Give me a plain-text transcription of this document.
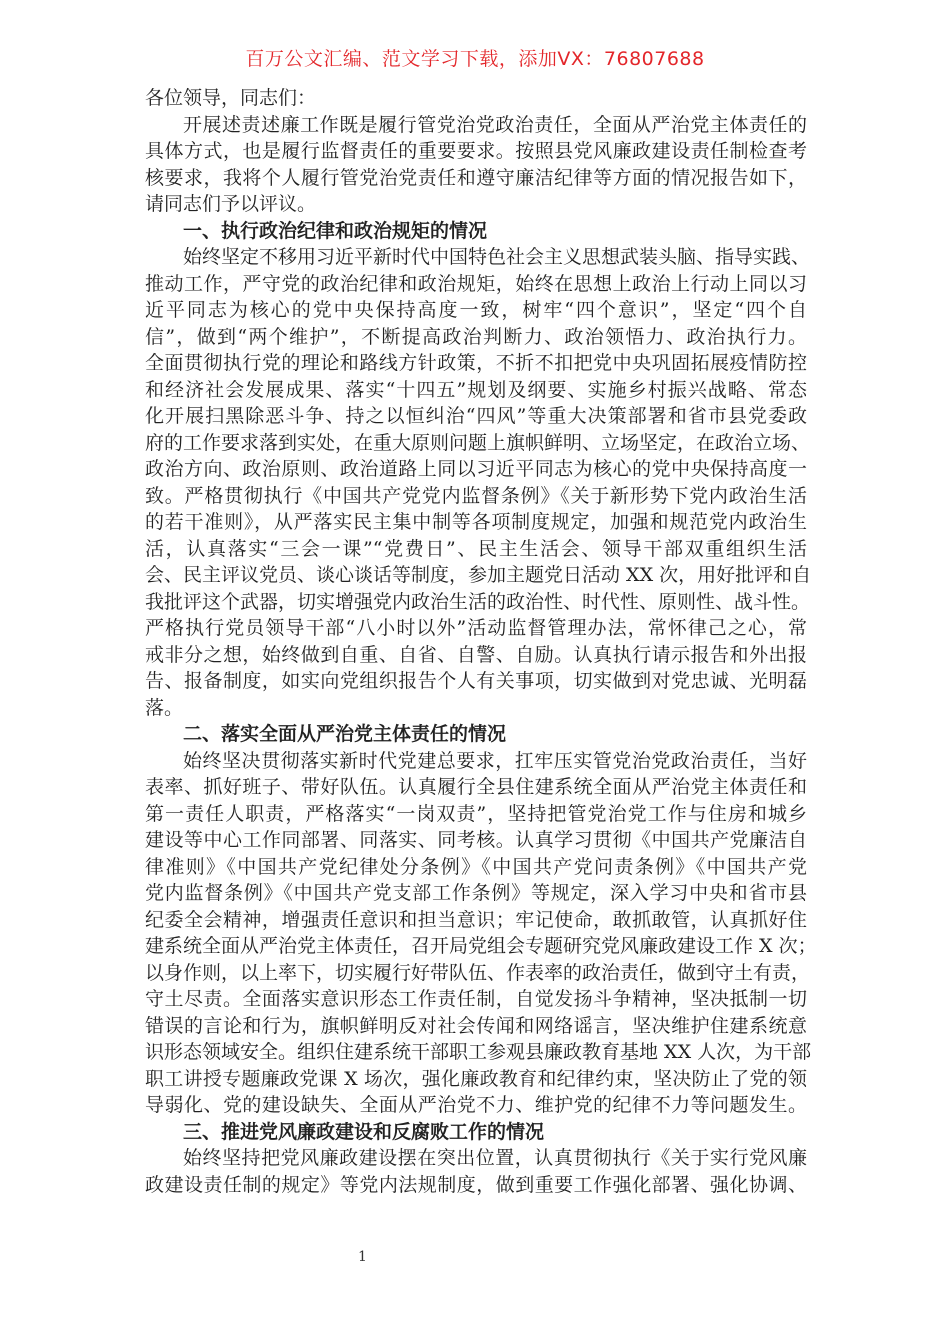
百万公文汇编、范文学习下载，添加VX：76807688
各位领导，同志们：
开展述责述廉工作既是履行管党治党政治责任，全面从严治党主体责任的
具体方式，也是履行监督责任的重要要求。按照县党风廉政建设责任制检查考
核要求，我将个人履行管党治党责任和遵守廉洁纪律等方面的情况报告如下，
请同志们予以评议。
一、执行政治纪律和政治规矩的情况
始终坚定不移用习近平新时代中国特色社会主义思想武装头脑、指导实践、
推动工作，严守党的政治纪律和政治规矩，始终在思想上政治上行动上同以习
近平同志为核心的党中央保持高度一致，树牢“四个意识”，坚定“四个自
信”，做到“两个维护”，不断提高政治判断力、政治领悟力、政治执行力。
全面贯彻执行党的理论和路线方针政策，不折不扣把党中央巩固拓展疫情防控
和经济社会发展成果、落实“十四五”规划及纲要、实施乡村振兴战略、常态
化开展扫黑除恶斗争、持之以恒纠治“四风”等重大决策部署和省市县党委政
府的工作要求落到实处，在重大原则问题上旗帜鲜明、立场坚定，在政治立场、
政治方向、政治原则、政治道路上同以习近平同志为核心的党中央保持高度一
致。严格贯彻执行《中国共产党党内监督条例》《关于新形势下党内政治生活
的若干准则》，从严落实民主集中制等各项制度规定，加强和规范党内政治生
活，认真落实“三会一课”“党费日”、民主生活会、领导干部双重组织生活
会、民主评议党员、谈心谈话等制度，参加主题党日活动 XX 次，用好批评和自
我批评这个武器，切实增强党内政治生活的政治性、时代性、原则性、战斗性。
严格执行党员领导干部“八小时以外”活动监督管理办法，常怀律己之心，常
戒非分之想，始终做到自重、自省、自警、自励。认真执行请示报告和外出报
告、报备制度，如实向党组织报告个人有关事项，切实做到对党忠诚、光明磊
落。
二、落实全面从严治党主体责任的情况
始终坚决贯彻落实新时代党建总要求，扛牢压实管党治党政治责任，当好
表率、抓好班子、带好队伍。认真履行全县住建系统全面从严治党主体责任和
第一责任人职责，严格落实“一岗双责”，坚持把管党治党工作与住房和城乡
建设等中心工作同部署、同落实、同考核。认真学习贯彻《中国共产党廉洁自
律准则》《中国共产党纪律处分条例》《中国共产党问责条例》《中国共产党
党内监督条例》《中国共产党支部工作条例》等规定，深入学习中央和省市县
纪委全会精神，增强责任意识和担当意识；牢记使命，敢抓敢管，认真抓好住
建系统全面从严治党主体责任，召开局党组会专题研究党风廉政建设工作 X 次；
以身作则，以上率下，切实履行好带队伍、作表率的政治责任，做到守土有责，
守土尽责。全面落实意识形态工作责任制，自觉发扬斗争精神，坚决抵制一切
错误的言论和行为，旗帜鲜明反对社会传闻和网络谣言，坚决维护住建系统意
识形态领域安全。组织住建系统干部职工参观县廉政教育基地 XX 人次，为干部
职工讲授专题廉政党课 X 场次，强化廉政教育和纪律约束，坚决防止了党的领
导弱化、党的建设缺失、全面从严治党不力、维护党的纪律不力等问题发生。
三、推进党风廉政建设和反腐败工作的情况
始终坚持把党风廉政建设摆在突出位置，认真贯彻执行《关于实行党风廉
政建设责任制的规定》等党内法规制度，做到重要工作强化部署、强化协调、
1
